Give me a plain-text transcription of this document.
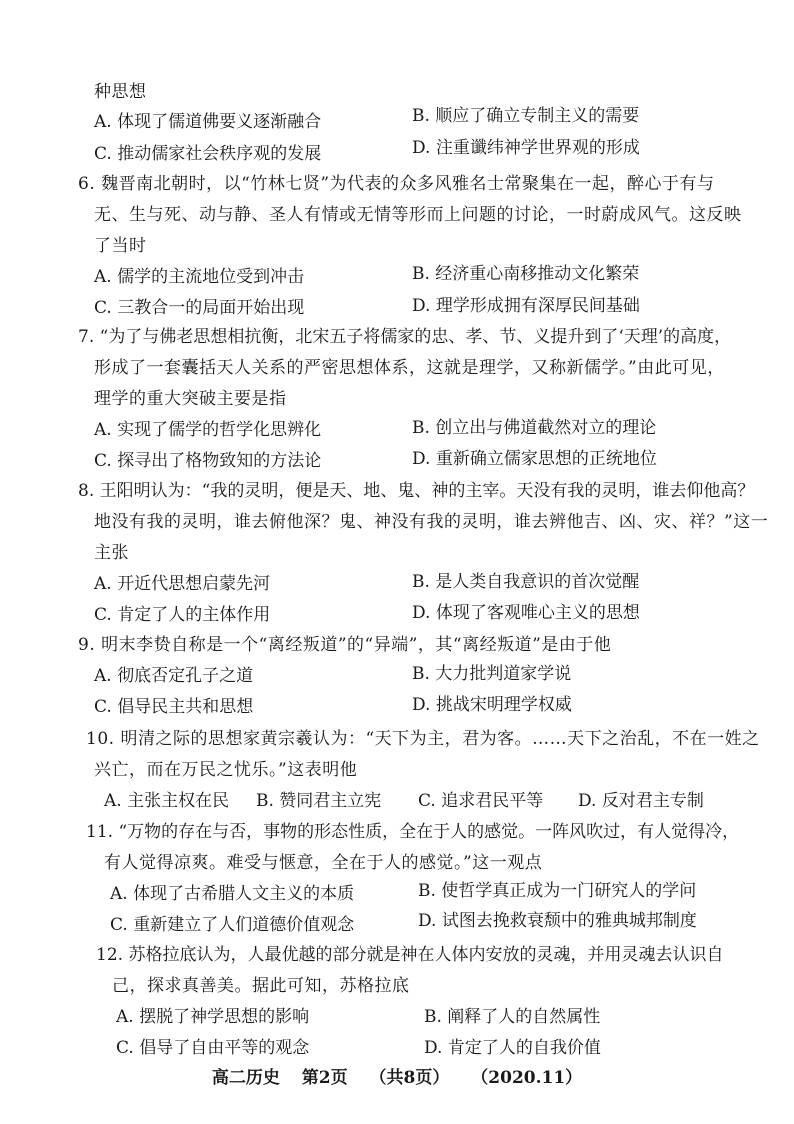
种思想
A. 体现了儒道佛要义逐渐融合	B. 顺应了确立专制主义的需要
C. 推动儒家社会秩序观的发展	D. 注重谶纬神学世界观的形成
6. 魏晋南北朝时，以“竹林七贤”为代表的众多风雅名士常聚集在一起，醉心于有与
无、生与死、动与静、圣人有情或无情等形而上问题的讨论，一时蔚成风气。这反映
了当时
A. 儒学的主流地位受到冲击	B. 经济重心南移推动文化繁荣
C. 三教合一的局面开始出现	D. 理学形成拥有深厚民间基础
7. “为了与佛老思想相抗衡，北宋五子将儒家的忠、孝、节、义提升到了‘天理’的高度，
形成了一套囊括天人关系的严密思想体系，这就是理学，又称新儒学。”由此可见，
理学的重大突破主要是指
A. 实现了儒学的哲学化思辨化	B. 创立出与佛道截然对立的理论
C. 探寻出了格物致知的方法论	D. 重新确立儒家思想的正统地位
8. 王阳明认为：“我的灵明，便是天、地、鬼、神的主宰。天没有我的灵明，谁去仰他高？
地没有我的灵明，谁去俯他深？鬼、神没有我的灵明，谁去辨他吉、凶、灾、祥？”这一
主张
A. 开近代思想启蒙先河	B. 是人类自我意识的首次觉醒
C. 肯定了人的主体作用	D. 体现了客观唯心主义的思想
9. 明末李贽自称是一个“离经叛道”的“异端”，其“离经叛道”是由于他
A. 彻底否定孔子之道	B. 大力批判道家学说
C. 倡导民主共和思想	D. 挑战宋明理学权威
10. 明清之际的思想家黄宗羲认为：“天下为主，君为客。……天下之治乱，不在一姓之
兴亡，而在万民之忧乐。”这表明他
A. 主张主权在民 B. 赞同君主立宪 C. 追求君民平等 D. 反对君主专制
11. “万物的存在与否，事物的形态性质，全在于人的感觉。一阵风吹过，有人觉得冷，
有人觉得凉爽。难受与惬意，全在于人的感觉。”这一观点
A. 体现了古希腊人文主义的本质	B. 使哲学真正成为一门研究人的学问
C. 重新建立了人们道德价值观念	D. 试图去挽救衰颓中的雅典城邦制度
12. 苏格拉底认为，人最优越的部分就是神在人体内安放的灵魂，并用灵魂去认识自
己，探求真善美。据此可知，苏格拉底
A. 摆脱了神学思想的影响	B. 阐释了人的自然属性
C. 倡导了自由平等的观念	D. 肯定了人的自我价值
高二历史 第2页 （共8页） （2020.11）
